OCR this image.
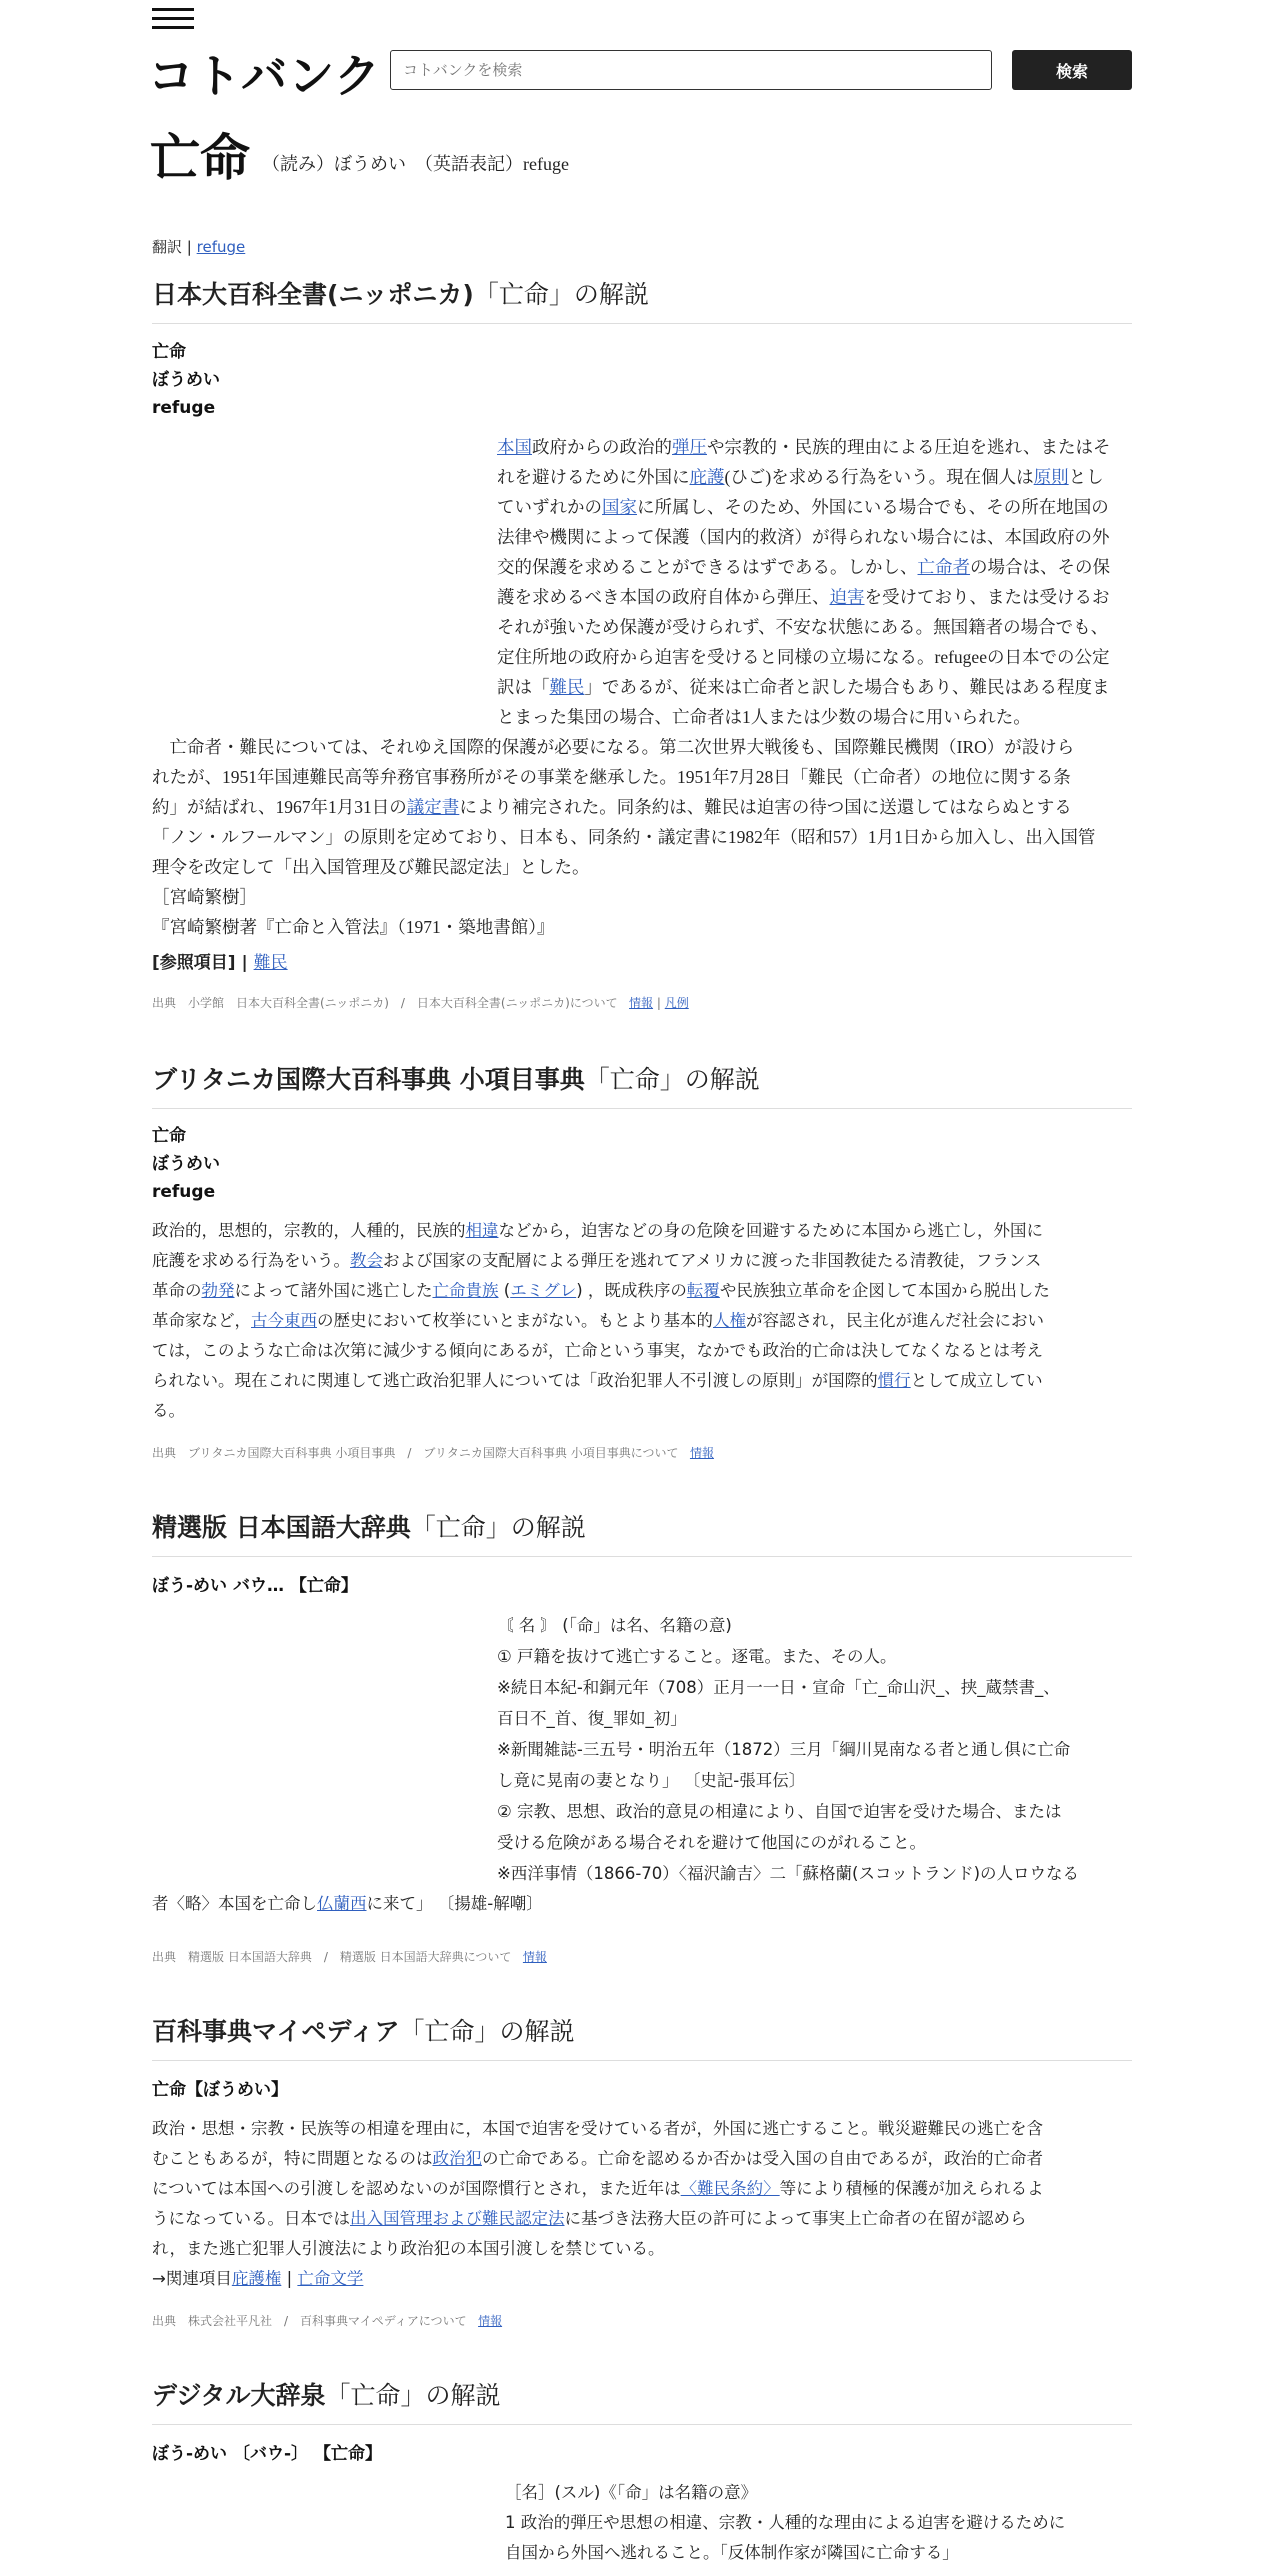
コトバンク
コトバンクを検索	検索
亡命 （読み）ぼうめい　（英語表記）refuge
翻訳 | refuge
日本大百科全書(ニッポニカ)「亡命」の解説
亡命
ぼうめい
refuge
本国政府からの政治的弾圧や宗教的・民族的理由による圧迫を逃れ、またはそ
れを避けるために外国に庇護(ひご)を求める行為をいう。現在個人は原則とし
ていずれかの国家に所属し、そのため、外国にいる場合でも、その所在地国の
法律や機関によって保護（国内的救済）が得られない場合には、本国政府の外
交的保護を求めることができるはずである。しかし、亡命者の場合は、その保
護を求めるべき本国の政府自体から弾圧、迫害を受けており、または受けるお
それが強いため保護が受けられず、不安な状態にある。無国籍者の場合でも、
定住所地の政府から迫害を受けると同様の立場になる。refugeeの日本での公定
訳は「難民」であるが、従来は亡命者と訳した場合もあり、難民はある程度ま
とまった集団の場合、亡命者は1人または少数の場合に用いられた。
　亡命者・難民については、それゆえ国際的保護が必要になる。第二次世界大戦後も、国際難民機関（IRO）が設けら
れたが、1951年国連難民高等弁務官事務所がその事業を継承した。1951年7月28日「難民（亡命者）の地位に関する条
約」が結ばれ、1967年1月31日の議定書により補完された。同条約は、難民は迫害の待つ国に送還してはならぬとする
「ノン・ルフールマン」の原則を定めており、日本も、同条約・議定書に1982年（昭和57）1月1日から加入し、出入国管
理令を改定して「出入国管理及び難民認定法」とした。
［宮崎繁樹］
『宮崎繁樹著『亡命と入管法』（1971・築地書館）』
[参照項目] | 難民
出典　小学館　日本大百科全書(ニッポニカ)　/　日本大百科全書(ニッポニカ)について 情報 | 凡例
ブリタニカ国際大百科事典 小項目事典「亡命」の解説
亡命
ぼうめい
refuge
政治的，思想的，宗教的，人種的，民族的相違などから，迫害などの身の危険を回避するために本国から逃亡し，外国に
庇護を求める行為をいう。教会および国家の支配層による弾圧を逃れてアメリカに渡った非国教徒たる清教徒，フランス
革命の勃発によって諸外国に逃亡した亡命貴族 (エミグレ) ，既成秩序の転覆や民族独立革命を企図して本国から脱出した
革命家など，古今東西の歴史において枚挙にいとまがない。もとより基本的人権が容認され，民主化が進んだ社会におい
ては，このような亡命は次第に減少する傾向にあるが，亡命という事実，なかでも政治的亡命は決してなくなるとは考え
られない。現在これに関連して逃亡政治犯罪人については「政治犯罪人不引渡しの原則」が国際的慣行として成立してい
る。
出典　ブリタニカ国際大百科事典 小項目事典　/　ブリタニカ国際大百科事典 小項目事典について 情報
精選版 日本国語大辞典「亡命」の解説
ぼう-めい バウ… 【亡命】
〘 名 〙 (「命」は名、名籍の意)
① 戸籍を抜けて逃亡すること。逐電。また、その人。
※続日本紀-和銅元年（708）正月一一日・宣命「亡_命山沢_、挟_蔵禁書_、
百日不_首、復_罪如_初」
※新聞雑誌-三五号・明治五年（1872）三月「綱川晃南なる者と通し俱に亡命
し竟に晃南の妻となり」 〔史記-張耳伝〕
② 宗教、思想、政治的意見の相違により、自国で迫害を受けた場合、または
受ける危険がある場合それを避けて他国にのがれること。
※西洋事情（1866-70）〈福沢諭吉〉二「蘇格蘭(スコットランド)の人ロウなる
者〈略〉本国を亡命し仏蘭西に来て」 〔揚雄-解嘲〕
出典　精選版 日本国語大辞典　/　精選版 日本国語大辞典について 情報
百科事典マイペディア「亡命」の解説
亡命【ぼうめい】
政治・思想・宗教・民族等の相違を理由に，本国で迫害を受けている者が，外国に逃亡すること。戦災避難民の逃亡を含
むこともあるが，特に問題となるのは政治犯の亡命である。亡命を認めるか否かは受入国の自由であるが，政治的亡命者
については本国への引渡しを認めないのが国際慣行とされ，また近年は〈難民条約〉等により積極的保護が加えられるよ
うになっている。日本では出入国管理および難民認定法に基づき法務大臣の許可によって事実上亡命者の在留が認めら
れ，また逃亡犯罪人引渡法により政治犯の本国引渡しを禁じている。
→関連項目庇護権 | 亡命文学
出典　株式会社平凡社　/　百科事典マイペディアについて 情報
デジタル大辞泉「亡命」の解説
ぼう-めい 〔バウ-〕 【亡命】
［名］(スル)《「命」は名籍の意》
1 政治的弾圧や思想の相違、宗教・人種的な理由による迫害を避けるために
自国から外国へ逃れること。「反体制作家が隣国に亡命する」
